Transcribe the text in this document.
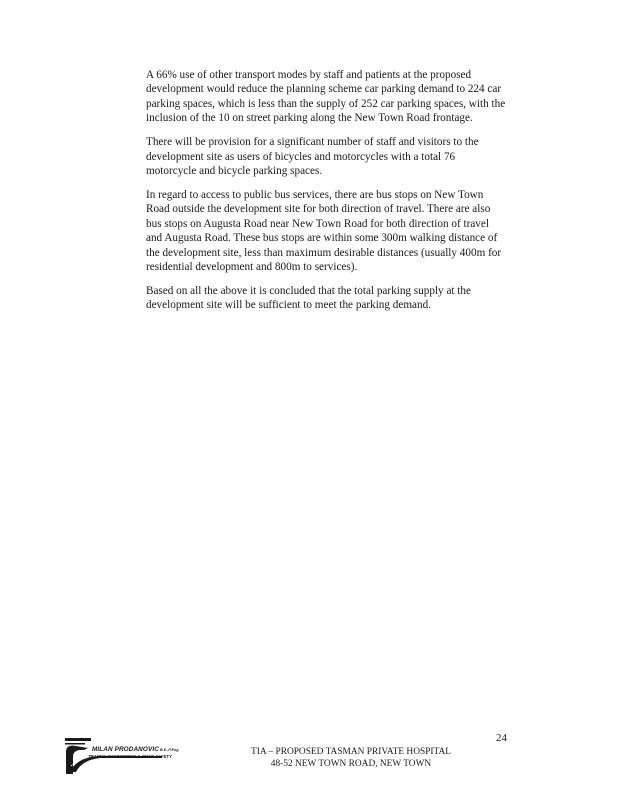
A 66% use of other transport modes by staff and patients at the proposed development would reduce the planning scheme car parking demand to 224 car parking spaces, which is less than the supply of 252 car parking spaces, with the inclusion of the 10 on street parking along the New Town Road frontage.

There will be provision for a significant number of staff and visitors to the development site as users of bicycles and motorcycles with a total 76 motorcycle and bicycle parking spaces.

In regard to access to public bus services, there are bus stops on New Town Road outside the development site for both direction of travel. There are also bus stops on Augusta Road near New Town Road for both direction of travel and Augusta Road. These bus stops are within some 300m walking distance of the development site, less than maximum desirable distances (usually 400m for residential development and 800m to services).

Based on all the above it is concluded that the total parking supply at the development site will be sufficient to meet the parking demand.

24
MILAN PRODANOVICB.E.,P.Eng
TRAFFIC ENGINEERING & ROAD SAFETY	TIA – PROPOSED TASMAN PRIVATE HOSPITAL
48-52 NEW TOWN ROAD, NEW TOWN
